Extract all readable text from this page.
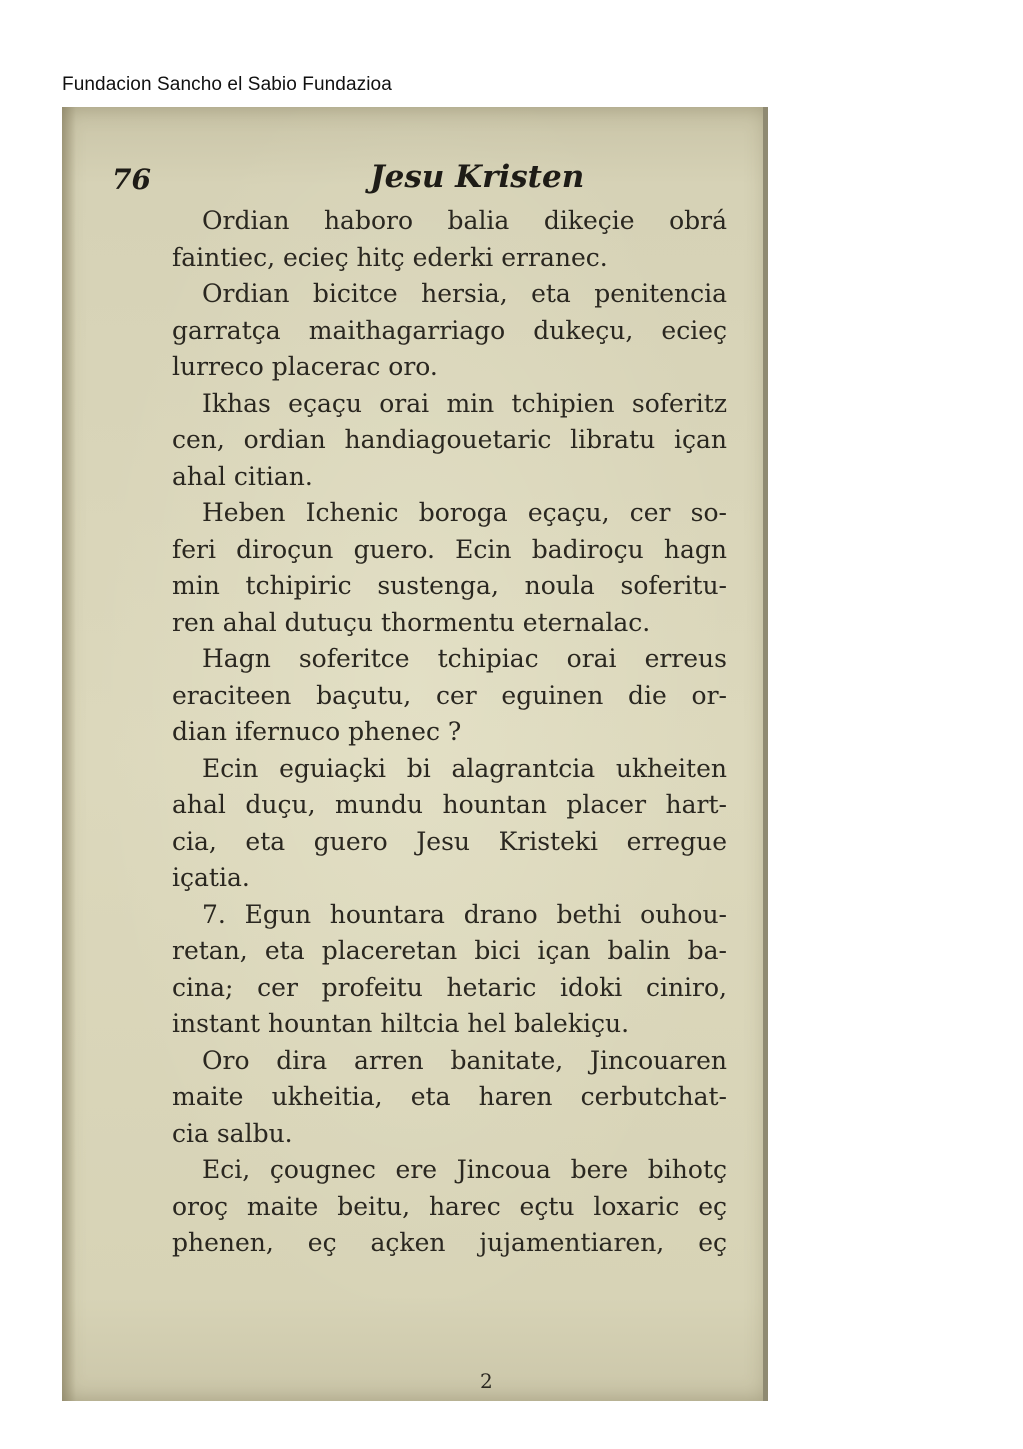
Fundacion Sancho el Sabio Fundazioa
76	Jesu Kristen
Ordian haboro balia dikeçie obrá
faintiec, ecieç hitç ederki erranec.
Ordian bicitce hersia, eta penitencia
garratça maithagarriago dukeçu, ecieç
lurreco placerac oro.
Ikhas eçaçu orai min tchipien soferitz
cen, ordian handiagouetaric libratu içan
ahal citian.
Heben Ichenic boroga eçaçu, cer so-
feri diroçun guero. Ecin badiroçu hagn
min tchipiric sustenga, noula soferitu-
ren ahal dutuçu thormentu eternalac.
Hagn soferitce tchipiac orai erreus
eraciteen baçutu, cer eguinen die or-
dian ifernuco phenec ?
Ecin eguiaçki bi alagrantcia ukheiten
ahal duçu, mundu hountan placer hart-
cia, eta guero Jesu Kristeki erregue
içatia.
7. Egun hountara drano bethi ouhou-
retan, eta placeretan bici içan balin ba-
cina; cer profeitu hetaric idoki ciniro,
instant hountan hiltcia hel balekiçu.
Oro dira arren banitate, Jincouaren
maite ukheitia, eta haren cerbutchat-
cia salbu.
Eci, çougnec ere Jincoua bere bihotç
oroç maite beitu, harec eçtu loxaric eç
phenen, eç açken jujamentiaren, eç
2
